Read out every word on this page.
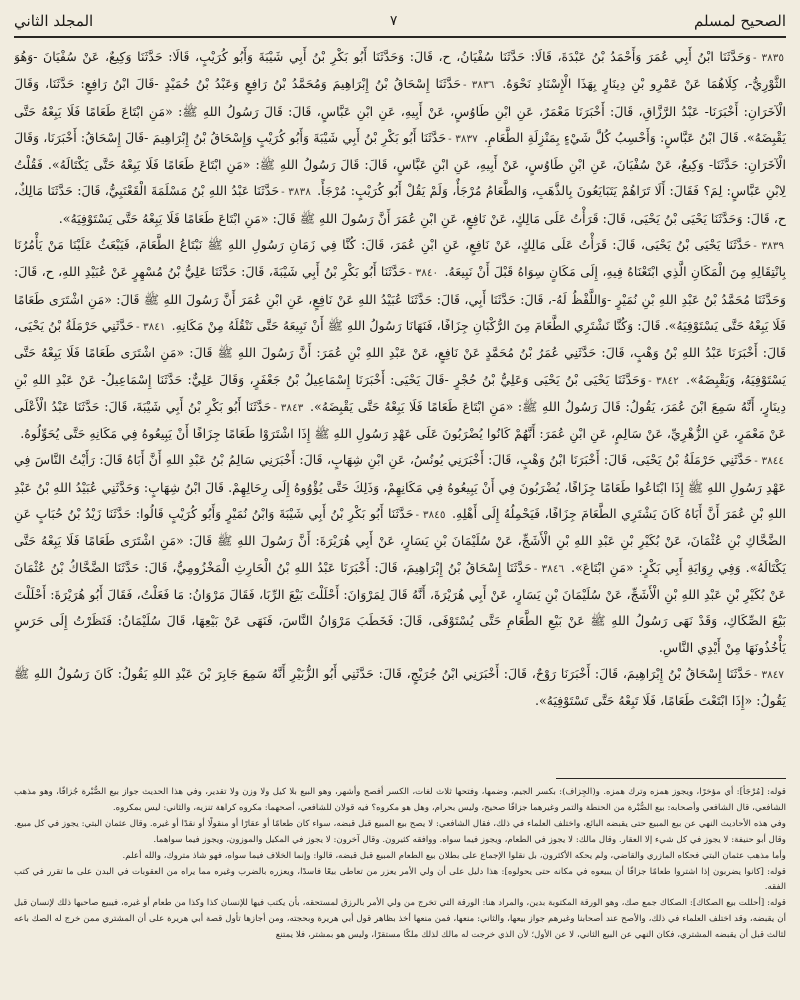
الصحيح لمسلم
٧
المجلد الثاني

٣٨٣٥ -وَحَدَّثَنَا ابْنُ أَبِي عُمَرَ وَأَحْمَدُ بْنُ عَبْدَةَ، قَالَا: حَدَّثَنَا سُفْيَانُ، ح، قَالَ: وَحَدَّثَنَا أَبُو بَكْرِ بْنُ أَبِي شَيْبَةَ وَأَبُو كُرَيْبٍ، قَالَا: حَدَّثَنَا وَكِيعٌ، عَنْ سُفْيَانَ -وَهُوَ الثَّوْرِيُّ-، كِلَاهُمَا عَنْ عَمْرِو بْنِ دِينَارٍ بِهَذَا الْإِسْنَادِ نَحْوَهُ. ٣٨٣٦ -حَدَّثَنَا إِسْحَاقُ بْنُ إِبْرَاهِيمَ وَمُحَمَّدُ بْنُ رَافِعٍ وَعَبْدُ بْنُ حُمَيْدٍ -قَالَ ابْنُ رَافِعٍ: حَدَّثَنَا، وَقَالَ الْآخَرَانِ: أَخْبَرَنَا- عَبْدُ الرَّزَّاقِ، قَالَ: أَخْبَرَنَا مَعْمَرٌ، عَنِ ابْنِ طَاوُسٍ، عَنْ أَبِيهِ، عَنِ ابْنِ عَبَّاسٍ، قَالَ: قَالَ رَسُولُ اللهِ ﷺ: «مَنِ ابْتَاعَ طَعَامًا فَلَا يَبِعْهُ حَتَّى يَقْبِضَهُ». قَالَ ابْنُ عَبَّاسٍ: وَأَحْسِبُ كُلَّ شَيْءٍ بِمَنْزِلَةِ الطَّعَامِ. ٣٨٣٧ -حَدَّثَنَا أَبُو بَكْرِ بْنُ أَبِي شَيْبَةَ وَأَبُو كُرَيْبٍ وَإِسْحَاقُ بْنُ إِبْرَاهِيمَ -قَالَ إِسْحَاقُ: أَخْبَرَنَا، وَقَالَ الْآخَرَانِ: حَدَّثَنَا- وَكِيعٌ، عَنْ سُفْيَانَ، عَنِ ابْنِ طَاوُسٍ، عَنْ أَبِيهِ، عَنِ ابْنِ عَبَّاسٍ، قَالَ: قَالَ رَسُولُ اللهِ ﷺ: «مَنِ ابْتَاعَ طَعَامًا فَلَا يَبِعْهُ حَتَّى يَكْتَالَهُ». فَقُلْتُ لِابْنِ عَبَّاسٍ: لِمَ؟ فَقَالَ: أَلَا تَرَاهُمْ يَتَبَايَعُونَ بِالذَّهَبِ، وَالطَّعَامُ مُرْجَأٌ، وَلَمْ يَقُلْ أَبُو كُرَيْبٍ: مُرْجَأً. ٣٨٣٨ -حَدَّثَنَا عَبْدُ اللهِ بْنُ مَسْلَمَةَ الْقَعْنَبِيُّ، قَالَ: حَدَّثَنَا مَالِكٌ، ح، قَالَ: وَحَدَّثَنَا يَحْيَى بْنُ يَحْيَى، قَالَ: قَرَأْتُ عَلَى مَالِكٍ، عَنْ نَافِعٍ، عَنِ ابْنِ عُمَرَ أَنَّ رَسُولَ اللهِ ﷺ قَالَ: «مَنِ ابْتَاعَ طَعَامًا فَلَا يَبِعْهُ حَتَّى يَسْتَوْفِيَهُ».

٣٨٣٩ -حَدَّثَنَا يَحْيَى بْنُ يَحْيَى، قَالَ: قَرَأْتُ عَلَى مَالِكٍ، عَنْ نَافِعٍ، عَنِ ابْنِ عُمَرَ، قَالَ: كُنَّا فِي زَمَانِ رَسُولِ اللهِ ﷺ نَبْتَاعُ الطَّعَامَ، فَيَبْعَثُ عَلَيْنَا مَنْ يَأْمُرُنَا بِانْتِقَالِهِ مِنَ الْمَكَانِ الَّذِي ابْتَعْنَاهُ فِيهِ، إِلَى مَكَانٍ سِوَاهُ قَبْلَ أَنْ نَبِيعَهُ. ٣٨٤٠ -حَدَّثَنَا أَبُو بَكْرِ بْنُ أَبِي شَيْبَةَ، قَالَ: حَدَّثَنَا عَلِيُّ بْنُ مُسْهِرٍ عَنْ عُبَيْدِ اللهِ، ح، قَالَ: وَحَدَّثَنَا مُحَمَّدُ بْنُ عَبْدِ اللهِ بْنِ نُمَيْرٍ -وَاللَّفْظُ لَهُ-، قَالَ: حَدَّثَنَا أَبِي، قَالَ: حَدَّثَنَا عُبَيْدُ اللهِ عَنْ نَافِعٍ، عَنِ ابْنِ عُمَرَ أَنَّ رَسُولَ اللهِ ﷺ قَالَ: «مَنِ اشْتَرَى طَعَامًا فَلَا يَبِعْهُ حَتَّى يَسْتَوْفِيَهُ». قَالَ: وَكُنَّا نَشْتَرِي الطَّعَامَ مِنَ الرُّكْبَانِ جِزَافًا، فَنَهَانَا رَسُولُ اللهِ ﷺ أَنْ نَبِيعَهُ حَتَّى نَنْقُلَهُ مِنْ مَكَانِهِ. ٣٨٤١ -حَدَّثَنِي حَرْمَلَةُ بْنُ يَحْيَى، قَالَ: أَخْبَرَنَا عَبْدُ اللهِ بْنُ وَهْبٍ، قَالَ: حَدَّثَنِي عُمَرُ بْنُ مُحَمَّدٍ عَنْ نَافِعٍ، عَنْ عَبْدِ اللهِ بْنِ عُمَرَ: أَنَّ رَسُولَ اللهِ ﷺ قَالَ: «مَنِ اشْتَرَى طَعَامًا فَلَا يَبِعْهُ حَتَّى يَسْتَوْفِيَهُ، وَيَقْبِضَهُ». ٣٨٤٢ -وَحَدَّثَنَا يَحْيَى بْنُ يَحْيَى وَعَلِيُّ بْنُ حُجْرٍ -قَالَ يَحْيَى: أَخْبَرَنَا إِسْمَاعِيلُ بْنُ جَعْفَرٍ، وَقَالَ عَلِيٌّ: حَدَّثَنَا إِسْمَاعِيلُ- عَنْ عَبْدِ اللهِ بْنِ دِينَارٍ، أَنَّهُ سَمِعَ ابْنَ عُمَرَ، يَقُولُ: قَالَ رَسُولُ اللهِ ﷺ: «مَنِ ابْتَاعَ طَعَامًا فَلَا يَبِعْهُ حَتَّى يَقْبِضَهُ». ٣٨٤٣ -حَدَّثَنَا أَبُو بَكْرِ بْنُ أَبِي شَيْبَةَ، قَالَ: حَدَّثَنَا عَبْدُ الْأَعْلَى عَنْ مَعْمَرٍ، عَنِ الزُّهْرِيِّ، عَنْ سَالِمٍ، عَنِ ابْنِ عُمَرَ: أَنَّهُمْ كَانُوا يُضْرَبُونَ عَلَى عَهْدِ رَسُولِ اللهِ ﷺ إِذَا اشْتَرَوْا طَعَامًا جِزَافًا أَنْ يَبِيعُوهُ فِي مَكَانِهِ حَتَّى يُحَوِّلُوهُ.

٣٨٤٤ -حَدَّثَنِي حَرْمَلَةُ بْنُ يَحْيَى، قَالَ: أَخْبَرَنَا ابْنُ وَهْبٍ، قَالَ: أَخْبَرَنِي يُونُسُ، عَنِ ابْنِ شِهَابٍ، قَالَ: أَخْبَرَنِي سَالِمُ بْنُ عَبْدِ اللهِ أَنَّ أَبَاهُ قَالَ: رَأَيْتُ النَّاسَ فِي عَهْدِ رَسُولِ اللهِ ﷺ إِذَا ابْتَاعُوا طَعَامًا جِزَافًا، يُضْرَبُونَ فِي أَنْ يَبِيعُوهُ فِي مَكَانِهِمْ، وَذَلِكَ حَتَّى يُؤْوُوهُ إِلَى رِحَالِهِمْ. قَالَ ابْنُ شِهَابٍ: وَحَدَّثَنِي عُبَيْدُ اللهِ بْنُ عَبْدِ اللهِ بْنِ عُمَرَ أَنَّ أَبَاهُ كَانَ يَشْتَرِي الطَّعَامَ جِزَافًا، فَيَحْمِلُهُ إِلَى أَهْلِهِ. ٣٨٤٥ -حَدَّثَنَا أَبُو بَكْرِ بْنُ أَبِي شَيْبَةَ وَابْنُ نُمَيْرٍ وَأَبُو كُرَيْبٍ قَالُوا: حَدَّثَنَا زَيْدُ بْنُ حُبَابٍ عَنِ الضَّحَّاكِ بْنِ عُثْمَانَ، عَنْ بُكَيْرِ بْنِ عَبْدِ اللهِ بْنِ الْأَشَجِّ، عَنْ سُلَيْمَانَ بْنِ يَسَارٍ، عَنْ أَبِي هُرَيْرَةَ: أَنَّ رَسُولَ اللهِ ﷺ قَالَ: «مَنِ اشْتَرَى طَعَامًا فَلَا يَبِعْهُ حَتَّى يَكْتَالَهُ». وَفِي رِوَايَةِ أَبِي بَكْرٍ: «مَنِ ابْتَاعَ». ٣٨٤٦ -حَدَّثَنَا إِسْحَاقُ بْنُ إِبْرَاهِيمَ، قَالَ: أَخْبَرَنَا عَبْدُ اللهِ بْنُ الْحَارِثِ الْمَخْزُومِيُّ، قَالَ: حَدَّثَنَا الضَّحَّاكُ بْنُ عُثْمَانَ عَنْ بُكَيْرِ بْنِ عَبْدِ اللهِ بْنِ الْأَشَجِّ، عَنْ سُلَيْمَانَ بْنِ يَسَارٍ، عَنْ أَبِي هُرَيْرَةَ، أَنَّهُ قَالَ لِمَرْوَانَ: أَحْلَلْتَ بَيْعَ الرِّبَا، فَقَالَ مَرْوَانُ: مَا فَعَلْتُ، فَقَالَ أَبُو هُرَيْرَةَ: أَحْلَلْتَ بَيْعَ الصِّكَاكِ، وَقَدْ نَهَى رَسُولُ اللهِ ﷺ عَنْ بَيْعِ الطَّعَامِ حَتَّى يُسْتَوْفَى، قَالَ: فَخَطَبَ مَرْوَانُ النَّاسَ، فَنَهَى عَنْ بَيْعِهَا، قَالَ سُلَيْمَانُ: فَنَظَرْتُ إِلَى حَرَسٍ يَأْخُذُونَهَا مِنْ أَيْدِي النَّاسِ.

٣٨٤٧ -حَدَّثَنَا إِسْحَاقُ بْنُ إِبْرَاهِيمَ، قَالَ: أَخْبَرَنَا رَوْحٌ، قَالَ: أَخْبَرَنِي ابْنُ جُرَيْجٍ، قَالَ: حَدَّثَنِي أَبُو الزُّبَيْرِ أَنَّهُ سَمِعَ جَابِرَ بْنَ عَبْدِ اللهِ يَقُولُ: كَانَ رَسُولُ اللهِ ﷺ يَقُولُ: «إِذَا ابْتَعْتَ طَعَامًا، فَلَا تَبِعْهُ حَتَّى تَسْتَوْفِيَهُ».

قوله: [مُرْجَأ]: أي مؤخرًا، ويجوز همزه وترك همزه. و(الجِزاف): بكسر الجيم، وضمها، وفتحها ثلاث لغات، الكسر أفصح وأشهر، وهو البيع بلا كيل ولا وزن ولا تقدير، وفي هذا الحديث جواز بيع الصُّبْرة جُزافًا، وهو مذهب الشافعي، قال الشافعي وأصحابه: بيع الصُّبْرة من الحنطة والتمر وغيرهما جزافًا صحيح، وليس بحرام، وهل هو مكروه؟ فيه قولان للشافعي، أصحهما: مكروه كراهة تنزيه، والثاني: ليس بمكروه.

وفي هذه الأحاديث النهي عن بيع المبيع حتى يقبضه البائع، واختلف العلماء في ذلك، فقال الشافعي: لا يصح بيع المبيع قبل قبضه، سواء كان طعامًا أو عقارًا أو منقولًا أو نقدًا أو غيره. وقال عثمان البتي: يجوز في كل مبيع. وقال أبو حنيفة: لا يجوز في كل شيء إلا العقار. وقال مالك: لا يجوز في الطعام، ويجوز فيما سواه. ووافقه كثيرون. وقال آخرون: لا يجوز في المكيل والموزون، ويجوز فيما سواهما.

وأما مذهب عثمان البتي فحكاه المازري والقاضي، ولم يحكه الأكثرون، بل نقلوا الإجماع على بطلان بيع الطعام المبيع قبل قبضه، قالوا: وإنما الخلاف فيما سواه، فهو شاذ متروك، والله أعلم.

قوله: [كانوا يضربون إذا اشتروا طعامًا جزافًا أن يبيعوه في مكانه حتى يحولوه]: هذا دليل على أن ولي الأمر يعزر من تعاطى بيعًا فاسدًا، ويعزره بالضرب وغيره مما يراه من العقوبات في البدن على ما تقرر في كتب الفقه.

قوله: [أحللت بيع الصكاك]: الصكاك جمع صك، وهو الورقة المكتوبة بدين، والمراد هنا: الورقة التي تخرج من ولي الأمر بالرزق لمستحقه، بأن يكتب فيها للإنسان كذا وكذا من طعام أو غيره، فيبيع صاحبها ذلك لإنسان قبل أن يقبضه، وقد اختلف العلماء في ذلك، والأصح عند أصحابنا وغيرهم جواز بيعها، والثاني: منعها، فمن منعها أخذ بظاهر قول أبي هريرة وبحجته، ومن أجازها تأول قصة أبي هريرة على أن المشتري ممن خرج له الصك باعه لثالث قبل أن يقبضه المشتري، فكان النهي عن البيع الثاني، لا عن الأول؛ لأن الذي خرجت له مالك لذلك ملكًا مستقرًا، وليس هو بمشتر، فلا يمتنع
